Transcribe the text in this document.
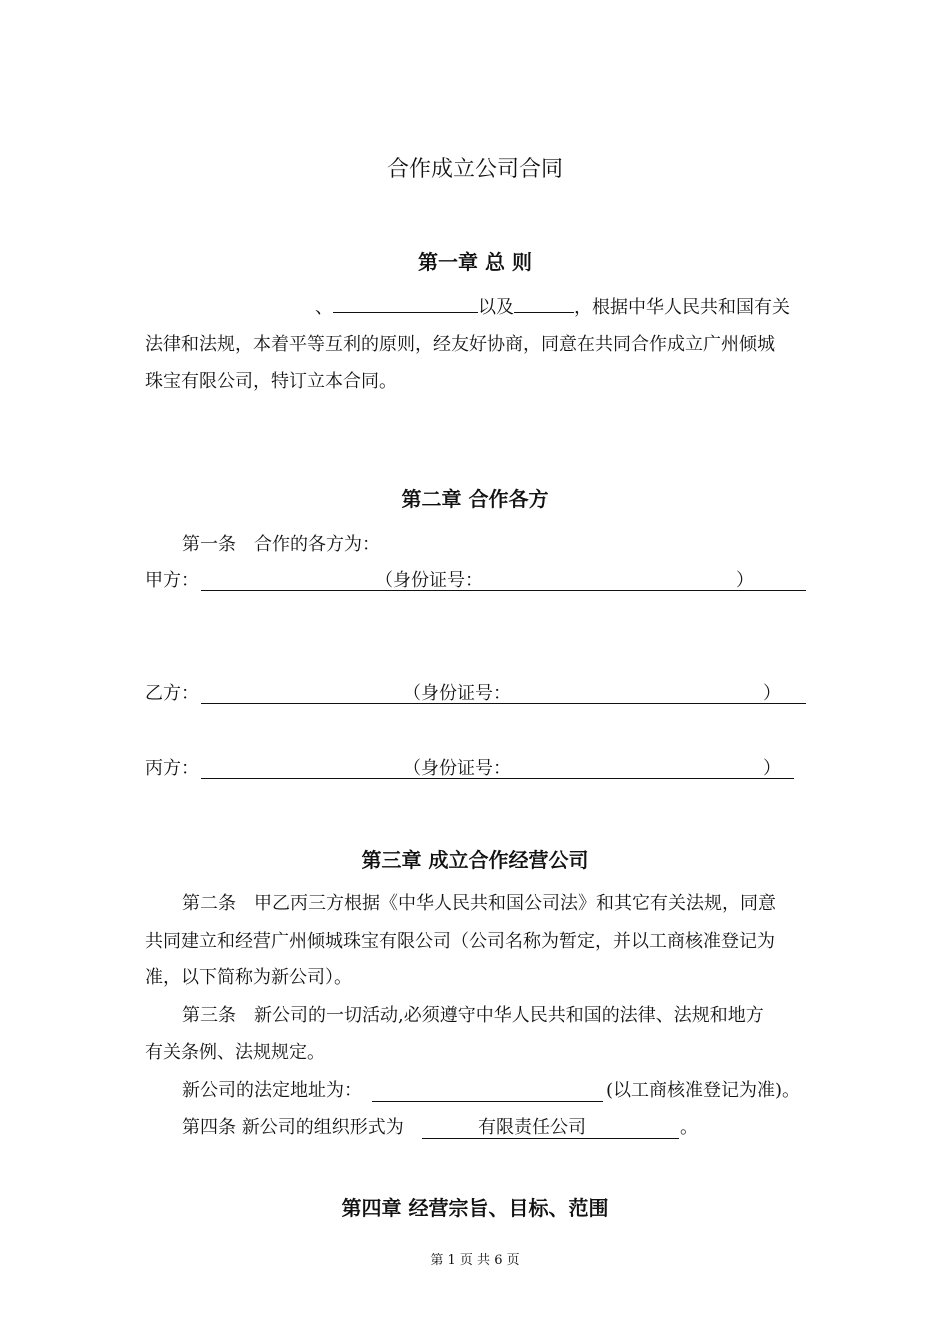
合作成立公司合同
第一章 总 则
、	以及	，根据中华人民共和国有关
法律和法规，本着平等互利的原则，经友好协商，同意在共同合作成立广州倾城
珠宝有限公司，特订立本合同。
第二章 合作各方
第一条　合作的各方为：
甲方：	（身份证号：	）
乙方：	（身份证号：	）
丙方：	（身份证号：	）
第三章 成立合作经营公司
第二条　甲乙丙三方根据《中华人民共和国公司法》和其它有关法规，同意
共同建立和经营广州倾城珠宝有限公司（公司名称为暂定，并以工商核准登记为
准，以下简称为新公司）。
第三条　新公司的一切活动,必须遵守中华人民共和国的法律、法规和地方
有关条例、法规规定。
新公司的法定地址为：	(以工商核准登记为准)。
第四条 新公司的组织形式为	有限责任公司	。
第四章 经营宗旨、目标、范围
第 1 页 共 6 页
